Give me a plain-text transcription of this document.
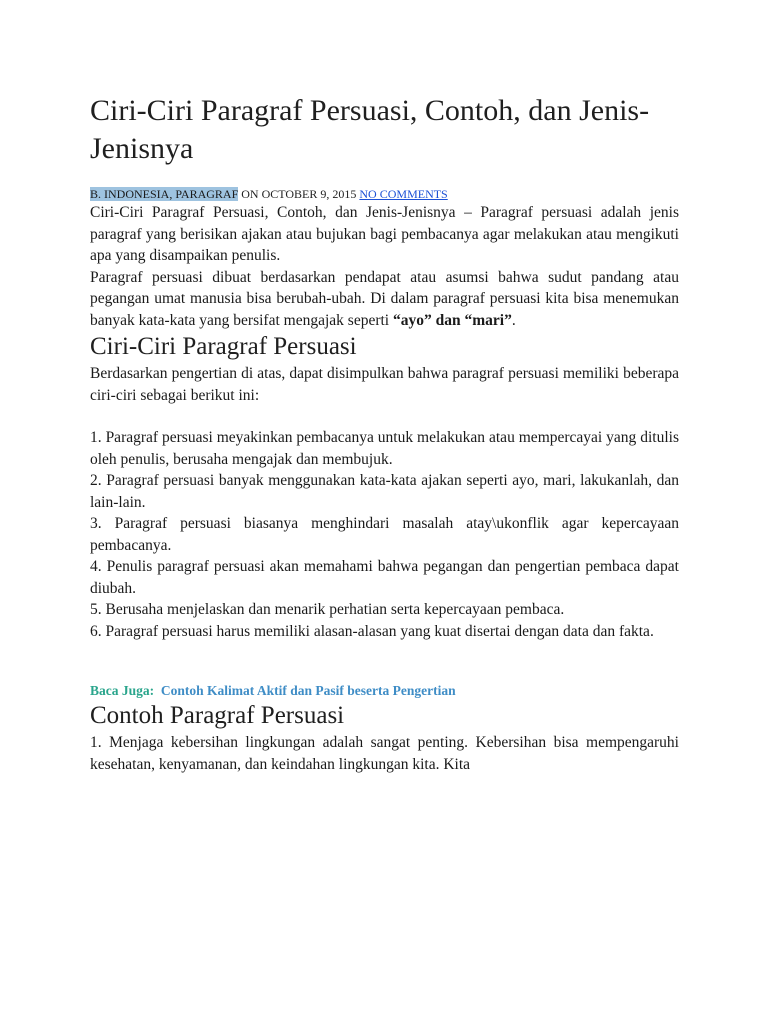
Ciri-Ciri Paragraf Persuasi, Contoh, dan Jenis-Jenisnya
B. INDONESIA, PARAGRAF ON OCTOBER 9, 2015 NO COMMENTS

Ciri-Ciri Paragraf Persuasi, Contoh, dan Jenis-Jenisnya – Paragraf persuasi adalah jenis paragraf yang berisikan ajakan atau bujukan bagi pembacanya agar melakukan atau mengikuti apa yang disampaikan penulis.

Paragraf persuasi dibuat berdasarkan pendapat atau asumsi bahwa sudut pandang atau pegangan umat manusia bisa berubah-ubah. Di dalam paragraf persuasi kita bisa menemukan banyak kata-kata yang bersifat mengajak seperti “ayo” dan “mari”.

Ciri-Ciri Paragraf Persuasi

Berdasarkan pengertian di atas, dapat disimpulkan bahwa paragraf persuasi memiliki beberapa ciri-ciri sebagai berikut ini:

1. Paragraf persuasi meyakinkan pembacanya untuk melakukan atau mempercayai yang ditulis oleh penulis, berusaha mengajak dan membujuk.
2. Paragraf persuasi banyak menggunakan kata-kata ajakan seperti ayo, mari, lakukanlah, dan lain-lain.
3. Paragraf persuasi biasanya menghindari masalah atay\ukonflik agar kepercayaan pembacanya.
4. Penulis paragraf persuasi akan memahami bahwa pegangan dan pengertian pembaca dapat diubah.
5. Berusaha menjelaskan dan menarik perhatian serta kepercayaan pembaca.
6. Paragraf persuasi harus memiliki alasan-alasan yang kuat disertai dengan data dan fakta.
Baca Juga: Contoh Kalimat Aktif dan Pasif beserta Pengertian
Contoh Paragraf Persuasi

1. Menjaga kebersihan lingkungan adalah sangat penting. Kebersihan bisa mempengaruhi kesehatan, kenyamanan, dan keindahan lingkungan kita. Kita
